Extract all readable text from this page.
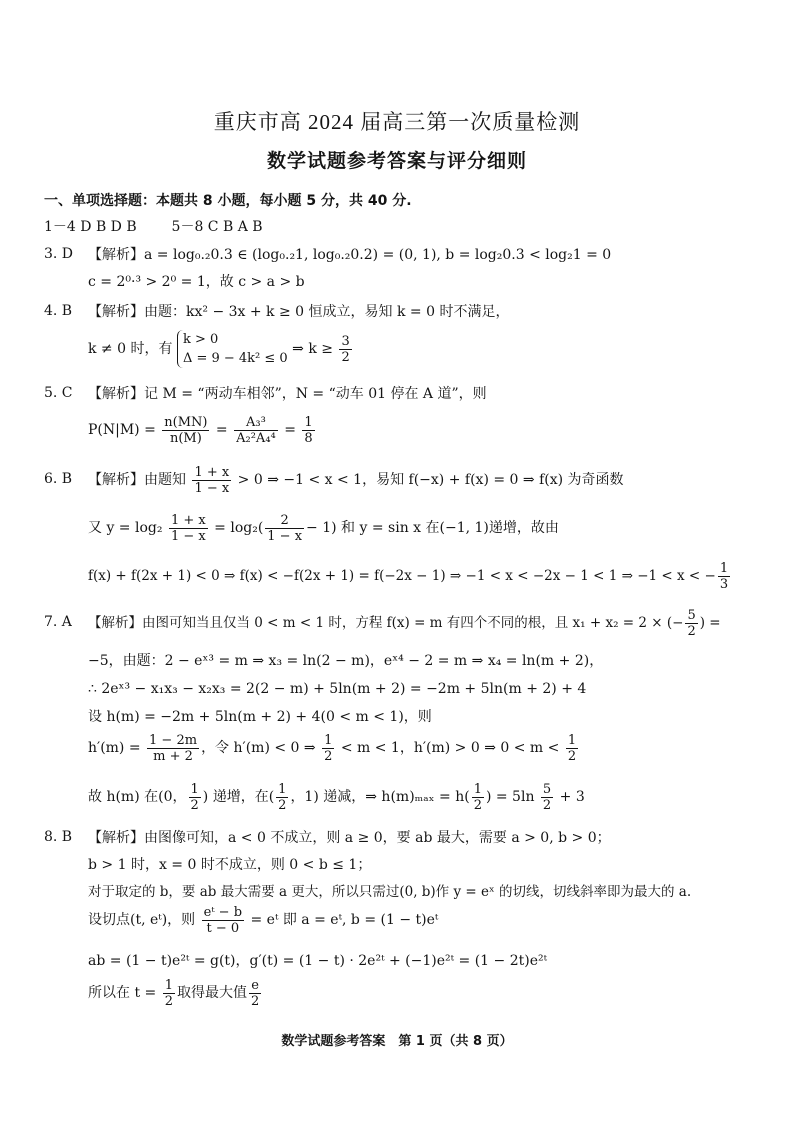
重庆市高 2024 届高三第一次质量检测
数学试题参考答案与评分细则
一、单项选择题：本题共 8 小题，每小题 5 分，共 40 分.
1－4 D B D B 5－8 C B A B
3. D 【解析】a = log₀.₂0.3 ∈ (log₀.₂1, log₀.₂0.2) = (0, 1), b = log₂0.3 < log₂1 = 0
c = 2⁰·³ > 2⁰ = 1，故 c > a > b
4. B 【解析】由题：kx² − 3x + k ≥ 0 恒成立，易知 k = 0 时不满足，
k ≠ 0 时，有
k > 0
Δ = 9 − 4k² ≤ 0
⇒ $k \ge \frac{3}{2}$
5. C 【解析】记 M = “两动车相邻”，N = “动车 01 停在 A 道”，则
$P(N|M) = \frac{n(MN)}{n(M)} = \frac{\text{A₃³}}{\text{A₂²A₄⁴}} = \frac{1}{8}$
6. B 【解析】由题知 $\frac{1 + x}{1 - x} > 0$ ⇒ −1 < x < 1，易知 f(−x) + f(x) = 0 ⇒ f(x) 为奇函数
又 $y = \log_2 \frac{1 + x}{1 - x} = \log_2( \frac{2}{1 - x} - 1)$ 和 y = sin x 在(−1, 1)递增，故由
f(x) + f(2x + 1) < 0 ⇒ f(x) < −f(2x + 1) = f(−2x − 1) ⇒ −1 < x < −2x − 1 < 1 ⇒ −1 < x < − $\frac{1}{3}$
7. A 【解析】由图可知当且仅当 0 < m < 1 时，方程 f(x) = m 有四个不同的根，且 x₁ + x₂ = 2 × (− $\frac{5}{2}$ ) =
−5，由题：2 − eˣ³ = m ⇒ x₃ = ln(2 − m)，eˣ⁴ − 2 = m ⇒ x₄ = ln(m + 2)，
∴ 2eˣ³ − x₁x₃ − x₂x₃ = 2(2 − m) + 5ln(m + 2) = −2m + 5ln(m + 2) + 4
设 h(m) = −2m + 5ln(m + 2) + 4(0 < m < 1)，则
$h'(m) = \frac{1 - 2m}{m + 2}$ ，令 h′(m) < 0 ⇒ $\frac{1}{2} < m < 1$，h′(m) > 0 ⇒ $0 < m < \frac{1}{2}$
故 h(m) 在(0， $\frac{1}{2}$ ) 递增，在( $\frac{1}{2}$ ，1) 递减，⇒ $h(m)_{max} = h( \frac{1}{2}$ ) = $5\ln \frac{5}{2} + 3$
8. B 【解析】由图像可知，a < 0 不成立，则 a ≥ 0，要 ab 最大，需要 a > 0, b > 0；
b > 1 时，x = 0 时不成立，则 0 < b ≤ 1；
对于取定的 b，要 ab 最大需要 a 更大，所以只需过(0, b)作 y = eˣ 的切线，切线斜率即为最大的 a.
设切点(t, eᵗ)，则 $\frac{\text{eᵗ − b}}{t - 0}$ = eᵗ 即 a = eᵗ, b = (1 − t)eᵗ
ab = (1 − t)e²ᵗ = g(t)，g′(t) = (1 − t) · 2e²ᵗ + (−1)e²ᵗ = (1 − 2t)e²ᵗ
所以在 $t = \frac{1}{2}$ 取得最大值 $\frac{e}{2}$
数学试题参考答案　第 1 页（共 8 页）
